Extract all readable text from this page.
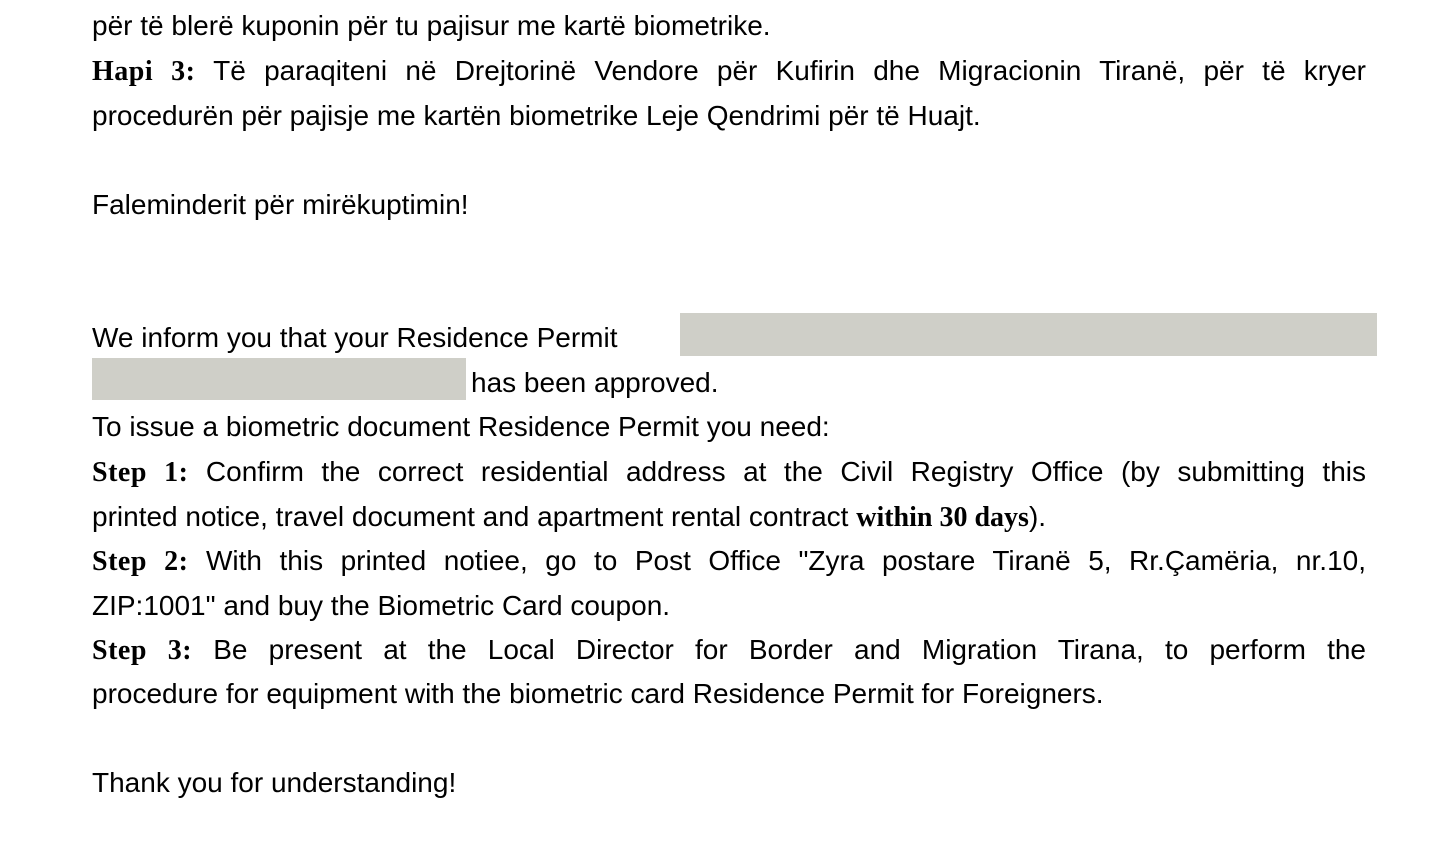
për të blerë kuponin për tu pajisur me kartë biometrike.
Hapi 3: Të paraqiteni në Drejtorinë Vendore për Kufirin dhe Migracionin Tiranë, për të kryer
procedurën për pajisje me kartën biometrike Leje Qendrimi për të Huajt.
Faleminderit për mirëkuptimin!
We inform you that your Residence Permit
has been approved.
To issue a biometric document Residence Permit you need:
Step 1: Confirm the correct residential address at the Civil Registry Office (by submitting this
printed notice, travel document and apartment rental contract within 30 days).
Step 2: With this printed notiee, go to Post Office "Zyra postare Tiranë 5, Rr.Çamëria, nr.10,
ZIP:1001" and buy the Biometric Card coupon.
Step 3: Be present at the Local Director for Border and Migration Tirana, to perform the
procedure for equipment with the biometric card Residence Permit for Foreigners.
Thank you for understanding!
